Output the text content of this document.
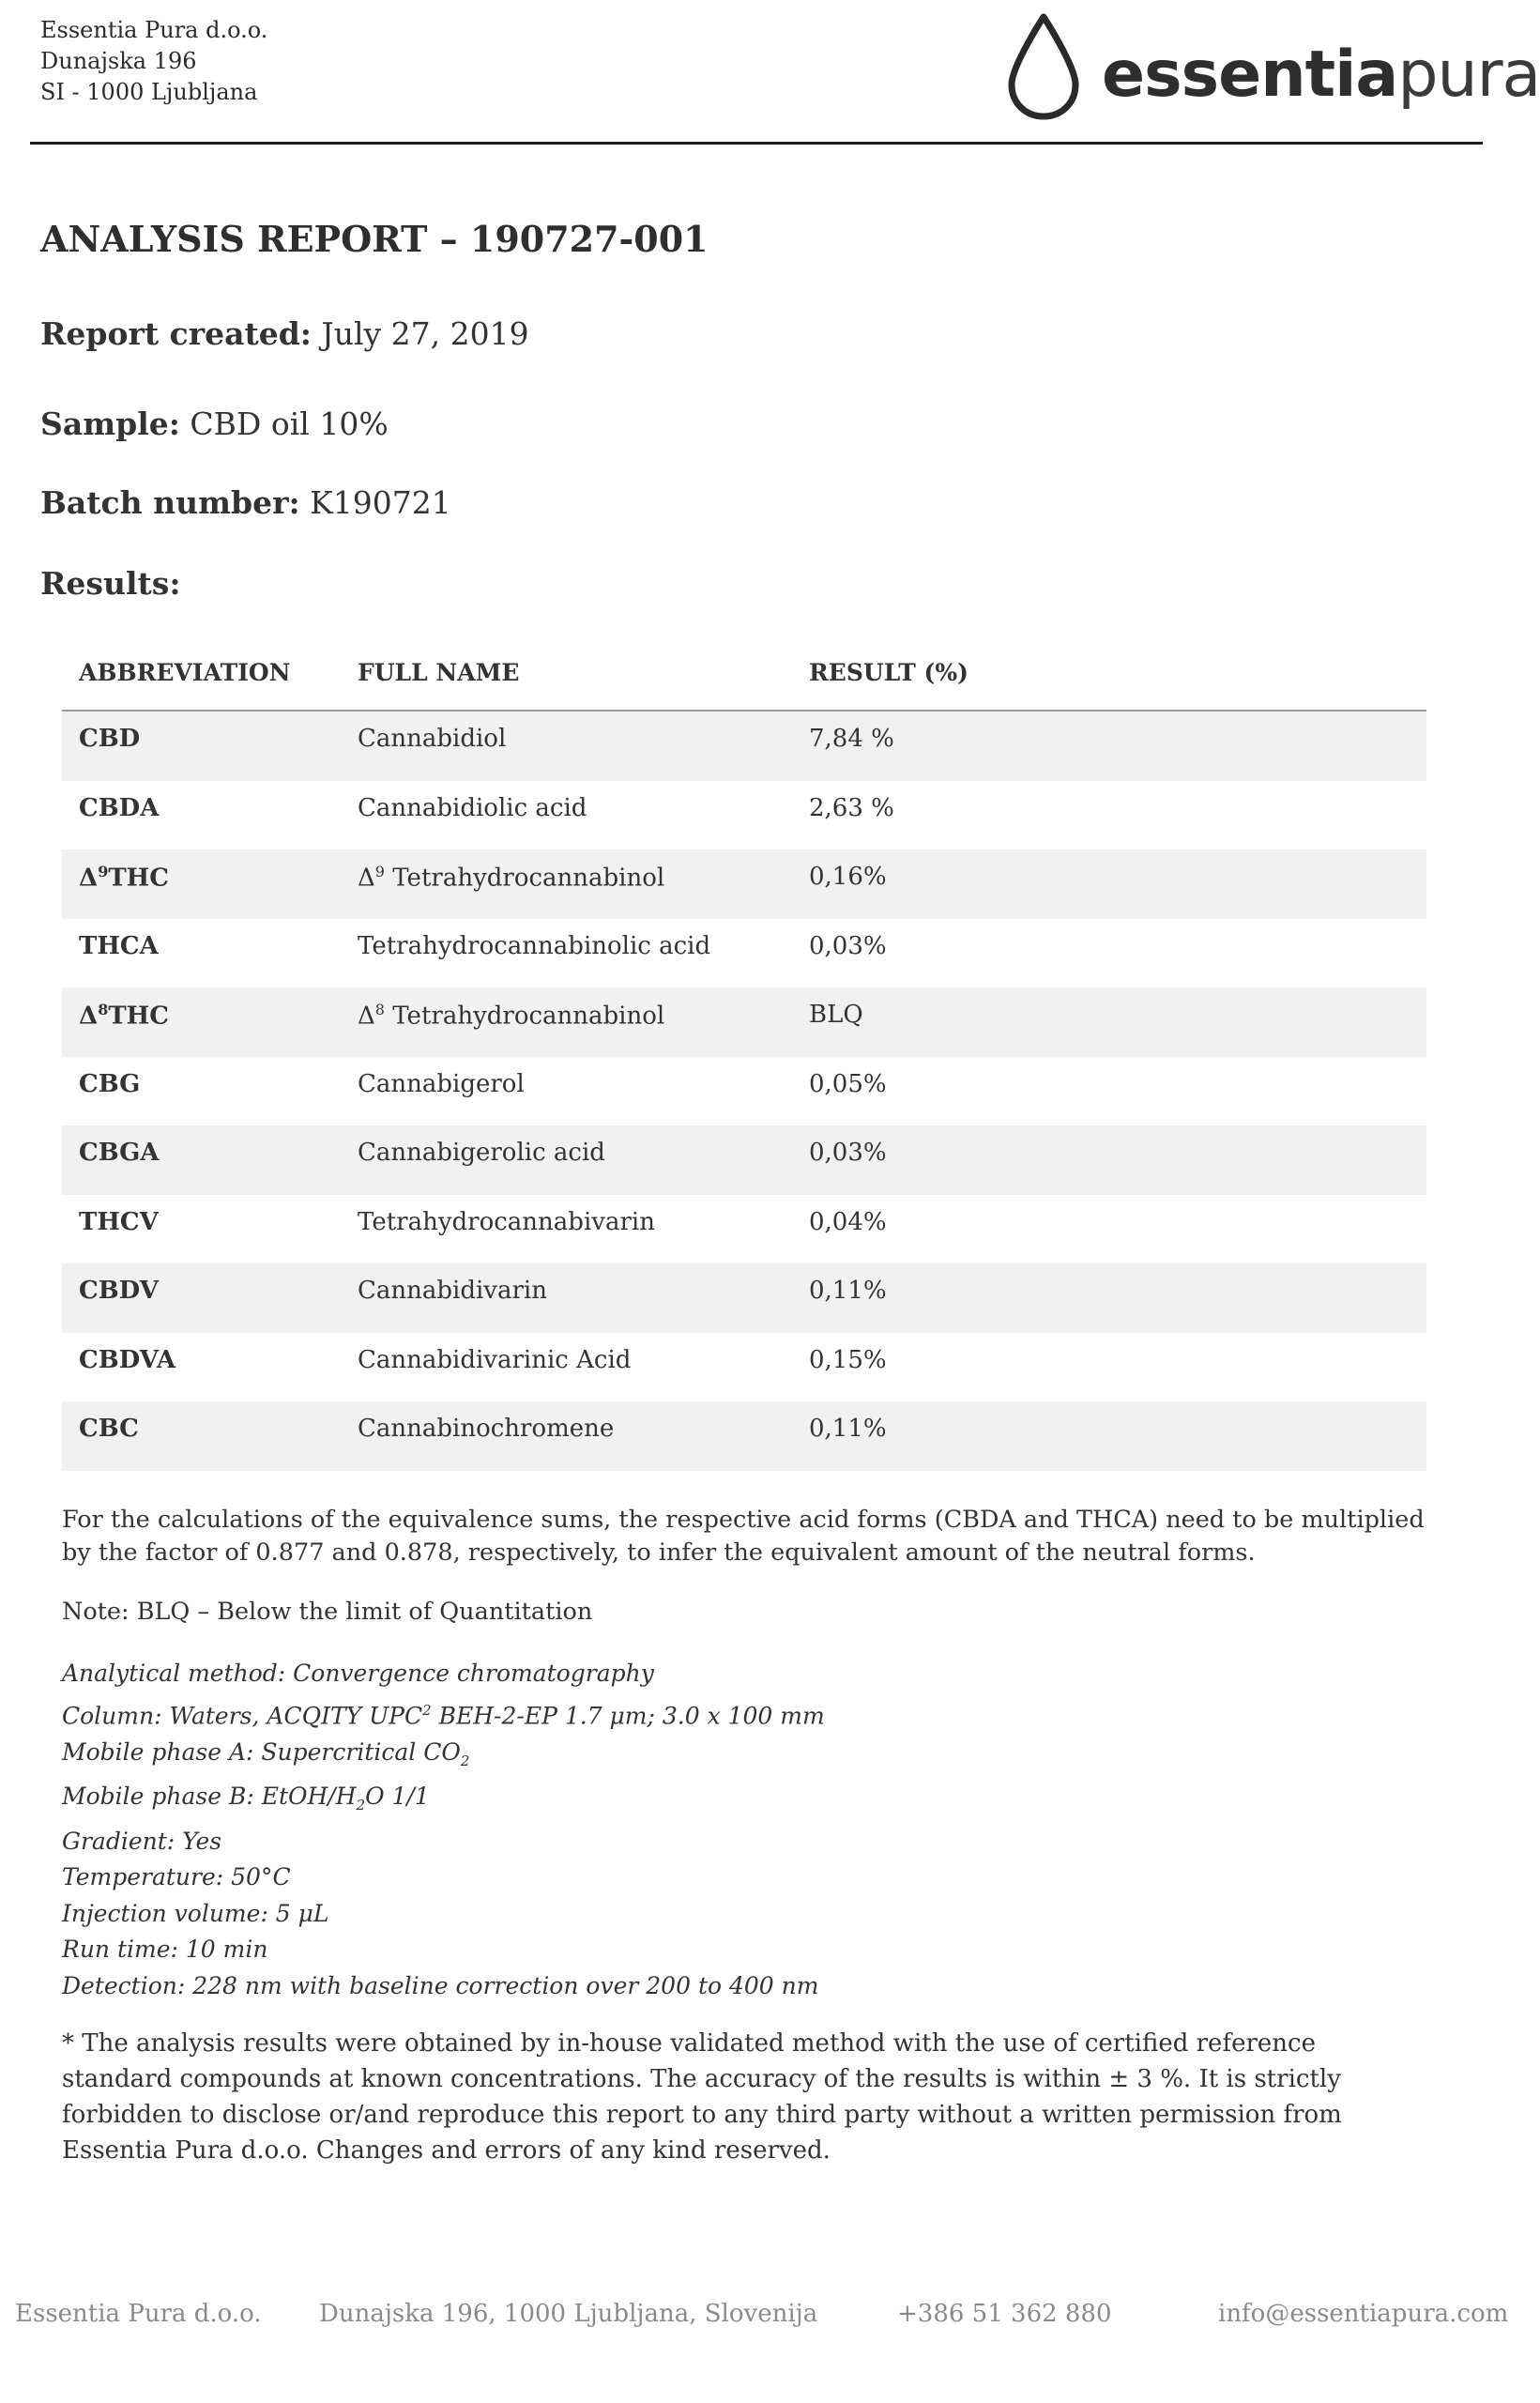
Essentia Pura d.o.o.
Dunajska 196
SI - 1000 Ljubljana	essentiapura
ANALYSIS REPORT – 190727-001
Report created: July 27, 2019
Sample: CBD oil 10%
Batch number: K190721
Results:
ABBREVIATION	FULL NAME	RESULT (%)
CBD	Cannabidiol	7,84 %
CBDA	Cannabidiolic acid	2,63 %
$\Delta^9THC$	$\Delta^9$ Tetrahydrocannabinol	0,16%
THCA	Tetrahydrocannabinolic acid	0,03%
$\Delta^8THC$	$\Delta^8$ Tetrahydrocannabinol	BLQ
CBG	Cannabigerol	0,05%
CBGA	Cannabigerolic acid	0,03%
THCV	Tetrahydrocannabivarin	0,04%
CBDV	Cannabidivarin	0,11%
CBDVA	Cannabidivarinic Acid	0,15%
CBC	Cannabinochromene	0,11%
For the calculations of the equivalence sums, the respective acid forms (CBDA and THCA) need to be multiplied by the factor of 0.877 and 0.878, respectively, to infer the equivalent amount of the neutral forms.
Note: BLQ – Below the limit of Quantitation
Analytical method: Convergence chromatography
Column: Waters, ACQITY UPC$^2$ BEH-2-EP 1.7 μm; 3.0 x 100 mm
Mobile phase A: Supercritical $CO_2$
Mobile phase B: EtOH/$H_2O$ 1/1
Gradient: Yes
Temperature: 50°C
Injection volume: 5 μL
Run time: 10 min
Detection: 228 nm with baseline correction over 200 to 400 nm
* The analysis results were obtained by in-house validated method with the use of certified reference standard compounds at known concentrations. The accuracy of the results is within ± 3 %. It is strictly forbidden to disclose or/and reproduce this report to any third party without a written permission from Essentia Pura d.o.o. Changes and errors of any kind reserved.
Essentia Pura d.o.o. Dunajska 196, 1000 Ljubljana, Slovenija	+386 51 362 880	info@essentiapura.com
